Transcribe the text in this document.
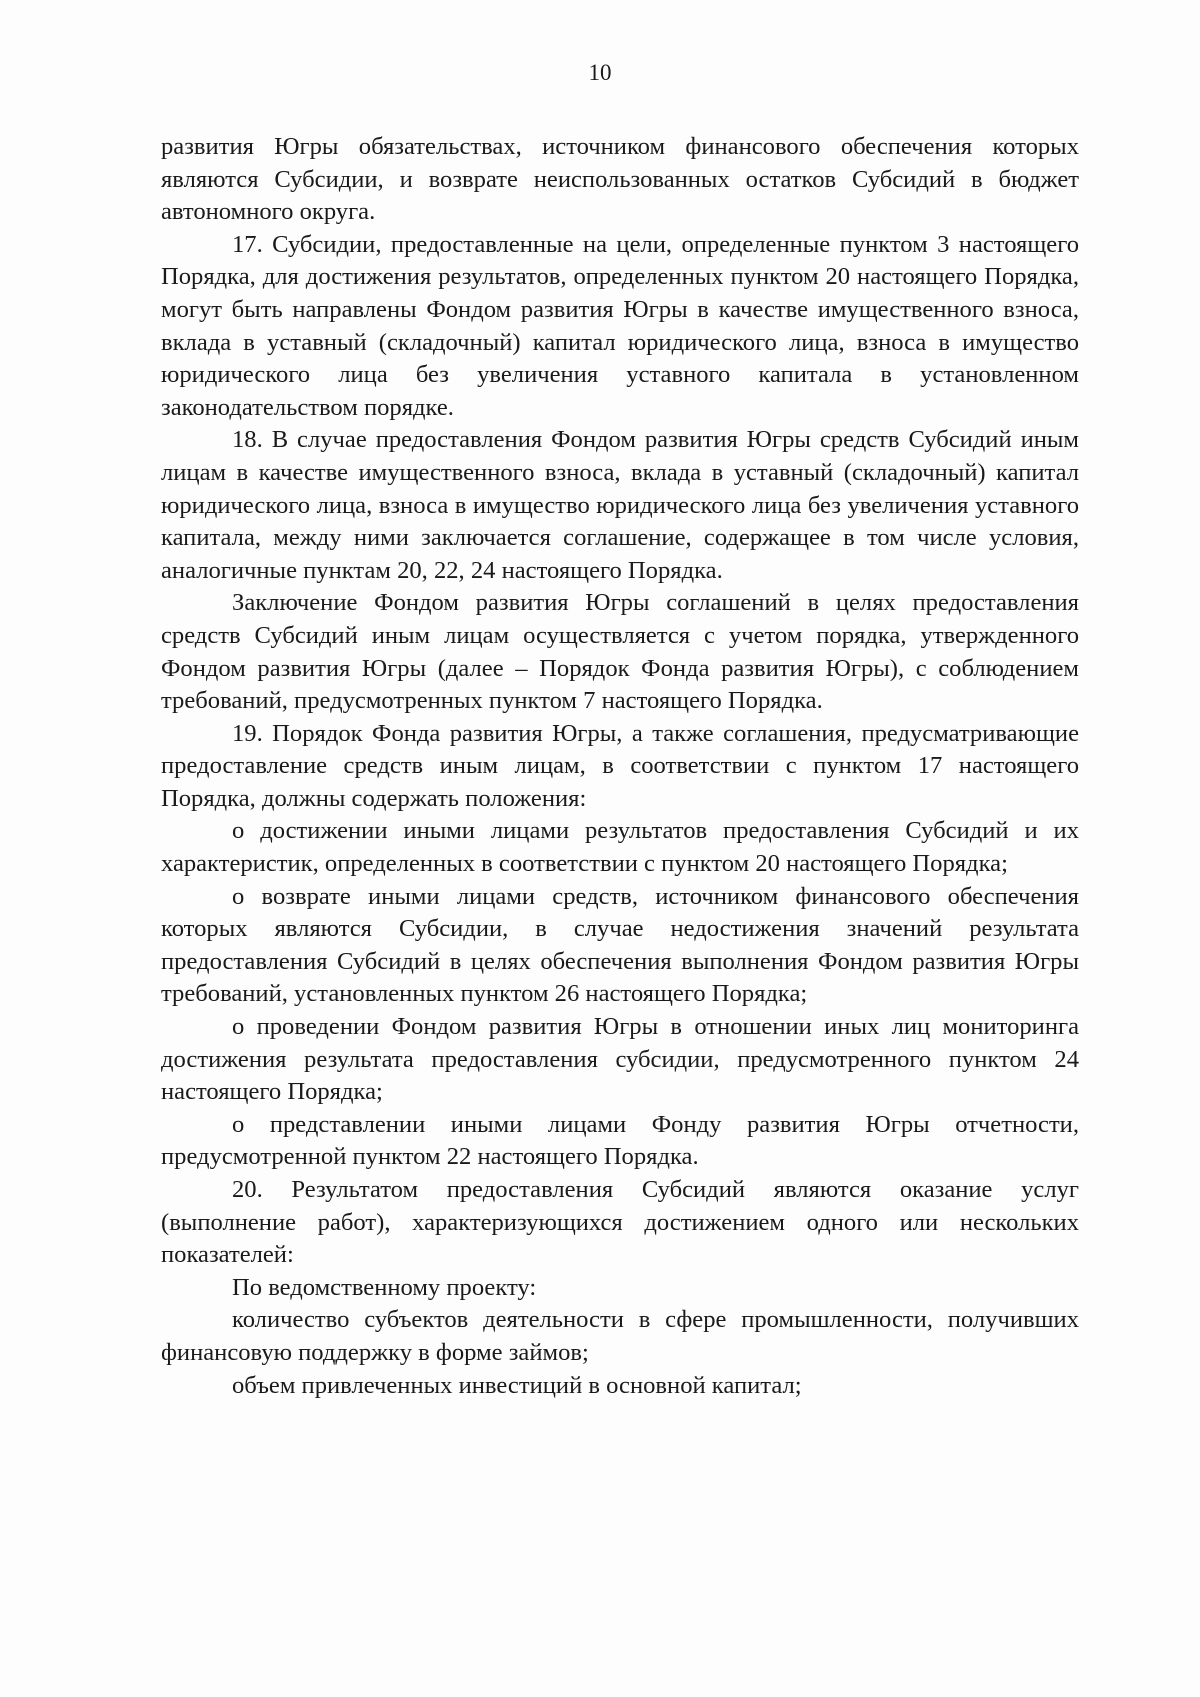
10

развития Югры обязательствах, источником финансового обеспечения которых являются Субсидии, и возврате неиспользованных остатков Субсидий в бюджет автономного округа.

17. Субсидии, предоставленные на цели, определенные пунктом 3 настоящего Порядка, для достижения результатов, определенных пунктом 20 настоящего Порядка, могут быть направлены Фондом развития Югры в качестве имущественного взноса, вклада в уставный (складочный) капитал юридического лица, взноса в имущество юридического лица без увеличения уставного капитала в установленном законодательством порядке.

18. В случае предоставления Фондом развития Югры средств Субсидий иным лицам в качестве имущественного взноса, вклада в уставный (складочный) капитал юридического лица, взноса в имущество юридического лица без увеличения уставного капитала, между ними заключается соглашение, содержащее в том числе условия, аналогичные пунктам 20, 22, 24 настоящего Порядка.

Заключение Фондом развития Югры соглашений в целях предоставления средств Субсидий иным лицам осуществляется с учетом порядка, утвержденного Фондом развития Югры (далее – Порядок Фонда развития Югры), с соблюдением требований, предусмотренных пунктом 7 настоящего Порядка.

19. Порядок Фонда развития Югры, а также соглашения, предусматривающие предоставление средств иным лицам, в соответствии с пунктом 17 настоящего Порядка, должны содержать положения:

о достижении иными лицами результатов предоставления Субсидий и их характеристик, определенных в соответствии с пунктом 20 настоящего Порядка;

о возврате иными лицами средств, источником финансового обеспечения которых являются Субсидии, в случае недостижения значений результата предоставления Субсидий в целях обеспечения выполнения Фондом развития Югры требований, установленных пунктом 26 настоящего Порядка;

о проведении Фондом развития Югры в отношении иных лиц мониторинга достижения результата предоставления субсидии, предусмотренного пунктом 24 настоящего Порядка;

о представлении иными лицами Фонду развития Югры отчетности, предусмотренной пунктом 22 настоящего Порядка.

20. Результатом предоставления Субсидий являются оказание услуг (выполнение работ), характеризующихся достижением одного или нескольких показателей:

По ведомственному проекту:

количество субъектов деятельности в сфере промышленности, получивших финансовую поддержку в форме займов;

объем привлеченных инвестиций в основной капитал;
